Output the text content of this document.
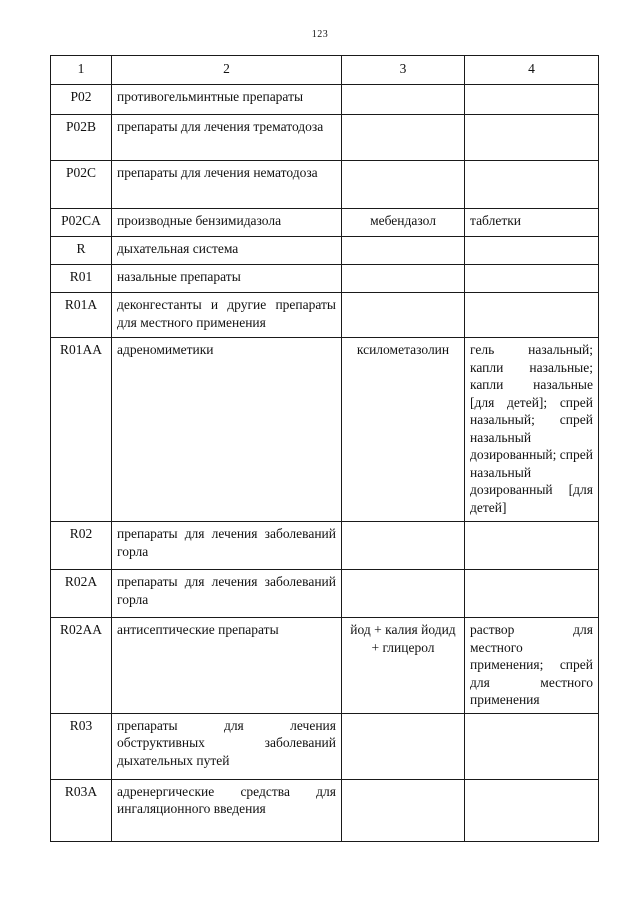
123
1	2	3	4
P02	противогельминтные препараты		
P02B	препараты для лечения трематодоза		
P02C	препараты для лечения нематодоза		
P02CA	производные бензимидазола	мебендазол	таблетки
R	дыхательная система		
R01	назальные препараты		
R01A	деконгестанты и другие препараты для местного применения		
R01AA	адреномиметики	ксилометазолин	гель назальный; капли назальные; капли назальные [для детей]; спрей назальный; спрей назальный дозированный; спрей назальный дозированный [для детей]
R02	препараты для лечения заболеваний горла		
R02A	препараты для лечения заболеваний горла		
R02AA	антисептические препараты	йод + калия йодид + глицерол	раствор для местного применения; спрей для местного применения
R03	препараты для лечения обструктивных заболеваний дыхательных путей		
R03A	адренергические средства для ингаляционного введения		
